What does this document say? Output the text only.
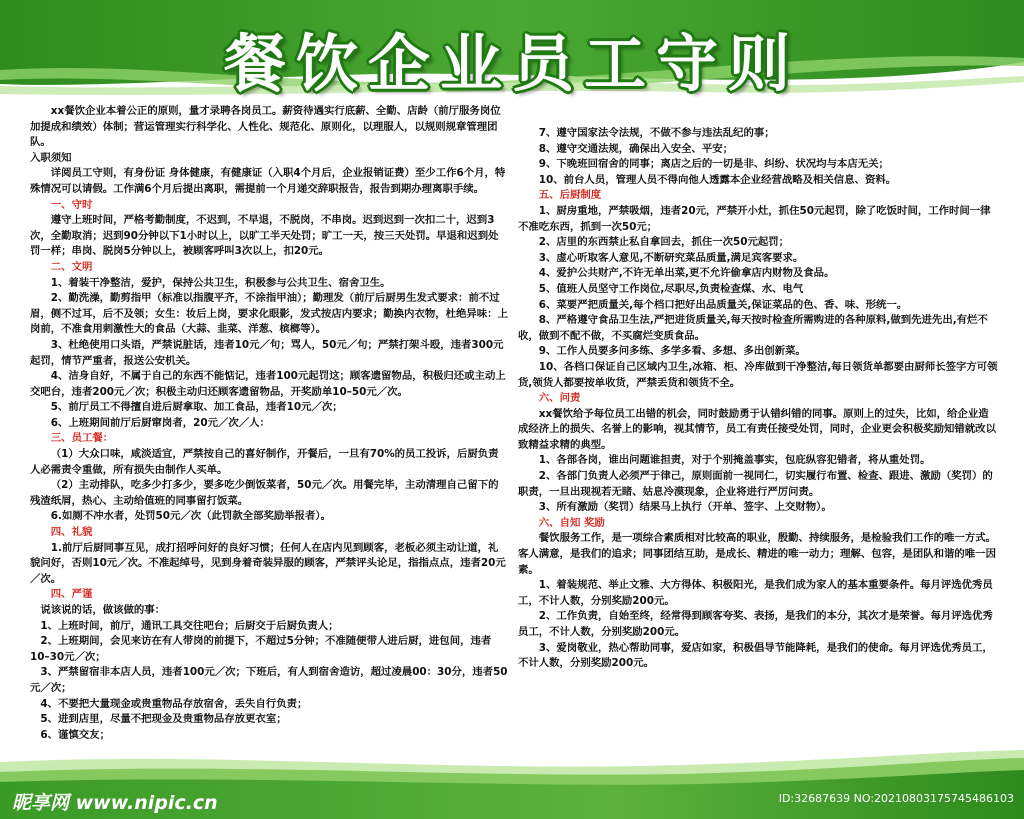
餐饮企业员工守则

xx餐饮企业本着公正的原则，量才录聘各岗员工。薪资待遇实行底薪、全勤、店龄（前厅服务岗位加提成和绩效）体制；营运管理实行科学化、人性化、规范化、原则化，以理服人，以规则规章管理团队。

入职须知

详阅员工守则，有身份证 身体健康，有健康证（入职4个月后，企业报销证费）至少工作6个月，特殊情况可以请假。工作满6个月后提出离职，需提前一个月递交辞职报告，报告到期办理离职手续。

一、守时

遵守上班时间，严格考勤制度，不迟到，不早退，不脱岗，不串岗。迟到迟到一次扣二十，迟到3次，全勤取消；迟到90分钟以下1小时以上，以旷工半天处罚；旷工一天，按三天处罚。早退和迟到处罚一样；串岗、脱岗5分钟以上，被顾客呼叫3次以上，扣20元。

二、文明

1、着装干净整洁，爱护，保持公共卫生，积极参与公共卫生、宿舍卫生。

2、勤洗澡，勤剪指甲（标准以指腹平齐，不涂指甲油）；勤理发（前厅后厨男生发式要求：前不过眉，侧不过耳，后不及领；女生：妆后上岗，要求化眼影，发式按店内要求；勤换内衣物，杜绝异味：上岗前，不准食用刺激性大的食品（大蒜、韭菜、洋葱、槟榔等）。

3、杜绝使用口头语，严禁说脏话，违者10元／句；骂人，50元／句；严禁打架斗殴，违者300元起罚，情节严重者，报送公安机关。

4、洁身自好，不属于自己的东西不能惦记，违者100元起罚这；顾客遗留物品，积极归还或主动上交吧台，违者200元／次；积极主动归还顾客遗留物品，开奖励单10–50元／次。

5、前厅员工不得擅自进后厨拿取、加工食品，违者10元／次；

6、上班期间前厅后厨窜岗者，20元／次／人：

三、员工餐：

（1）大众口味，咸淡适宜，严禁按自己的喜好制作，开餐后，一旦有70%的员工投诉，后厨负责人必需责令重做，所有损失由制作人买单。

（2）主动排队，吃多少打多少，要多吃少倒饭菜者，50元／次。用餐完毕，主动清理自己留下的残渣纸屑，热心、主动给值班的同事留打饭菜。

6.如厕不冲水者，处罚50元／次（此罚款全部奖励举报者）。

四、礼貌

1.前厅后厨同事互见，成打招呼问好的良好习惯；任何人在店内见到顾客，老板必须主动让道，礼貌问好，否则10元／次。不准起绰号，见到身着奇装异服的顾客，严禁评头论足，指指点点，违者20元／次。

四、严谨

说该说的话，做该做的事：

1、上班时间，前厅，通讯工具交往吧台；后厨交于后厨负责人；

2、上班期间，会见来访在有人带岗的前提下，不超过5分钟；不准随便带人进后厨，进包间，违者10–30元／次；

3、严禁留宿非本店人员，违者100元／次；下班后，有人到宿舍造访，超过凌晨00：30分，违者50元／次；

4、不要把大量现金或贵重物品存放宿舍，丢失自行负责；

5、进到店里，尽量不把现金及贵重物品存放更衣室；

6、谨慎交友；

7、遵守国家法令法规，不做不参与违法乱纪的事；

8、遵守交通法规，确保出入安全、平安；

9、下晚班回宿舍的同事；离店之后的一切是非、纠纷、状况均与本店无关；

10、前台人员，管理人员不得向他人透露本企业经营战略及相关信息、资料。

五、后厨制度

1、厨房重地，严禁吸烟，违者20元，严禁开小灶，抓住50元起罚，除了吃饭时间，工作时间一律不准吃东西，抓到一次50元；

2、店里的东西禁止私自拿回去，抓住一次50元起罚；

3、虚心听取客人意见,不断研究菜品质量,满足宾客要求。

4、爱护公共财产,不许无单出菜,更不允许偷拿店内财物及食品。

5、值班人员坚守工作岗位,尽职尽,负责检查煤、水、电气

6、菜要严把质量关,每个档口把好出品质量关,保证菜品的色、香、味、形统一。

8、严格遵守食品卫生法,严把进货质量关,每天按时检查所需购进的各种原料,做到先进先出,有烂不收，做到不配不做，不买腐烂变质食品。

9、工作人员要多问多练、多学多看、多想、多出创新菜。

10、各档口保证自己区域内卫生,冰箱、柜、冷库做到干净整洁,每日领货单都要由厨师长签字方可领货,领货人都要按单收货，严禁丢货和领货不全。

六、问责

xx餐饮给予每位员工出错的机会，同时鼓励勇于认错纠错的同事。原则上的过失，比如，给企业造成经济上的损失、名誉上的影响，视其情节，员工有责任接受处罚，同时，企业更会积极奖励知错就改以致精益求精的典型。

1、各部各岗，谁出问题谁担责，对于个别掩盖事实，包庇纵容犯错者，将从重处罚。

2、各部门负责人必须严于律己，原则面前一视同仁，切实履行布置、检查、跟进、激励（奖罚）的职责，一旦出现视若无睹、姑息冷漠现象，企业将进行严厉问责。

3、所有激励（奖罚）结果马上执行（开单、签字、上交财物）。

六、自知 奖励

餐饮服务工作，是一项综合素质相对比较高的职业，殷勤、持续服务，是检验我们工作的唯一方式。客人满意，是我们的追求；同事团结互助，是成长、精进的唯一动力；理解、包容，是团队和谐的唯一因素。

1、着装规范、举止文雅、大方得体、积极阳光，是我们成为家人的基本重要条件。每月评选优秀员工，不计人数，分别奖励200元。

2、工作负责，自始至终，经常得到顾客夸奖、表扬，是我们的本分，其次才是荣誉。每月评选优秀员工，不计人数，分别奖励200元。

3、爱岗敬业，热心帮助同事，爱店如家，积极倡导节能降耗，是我们的使命。每月评选优秀员工，不计人数，分别奖励200元。

昵享网 www.nipic.cn	ID:32687639 NO:20210803175745486103
